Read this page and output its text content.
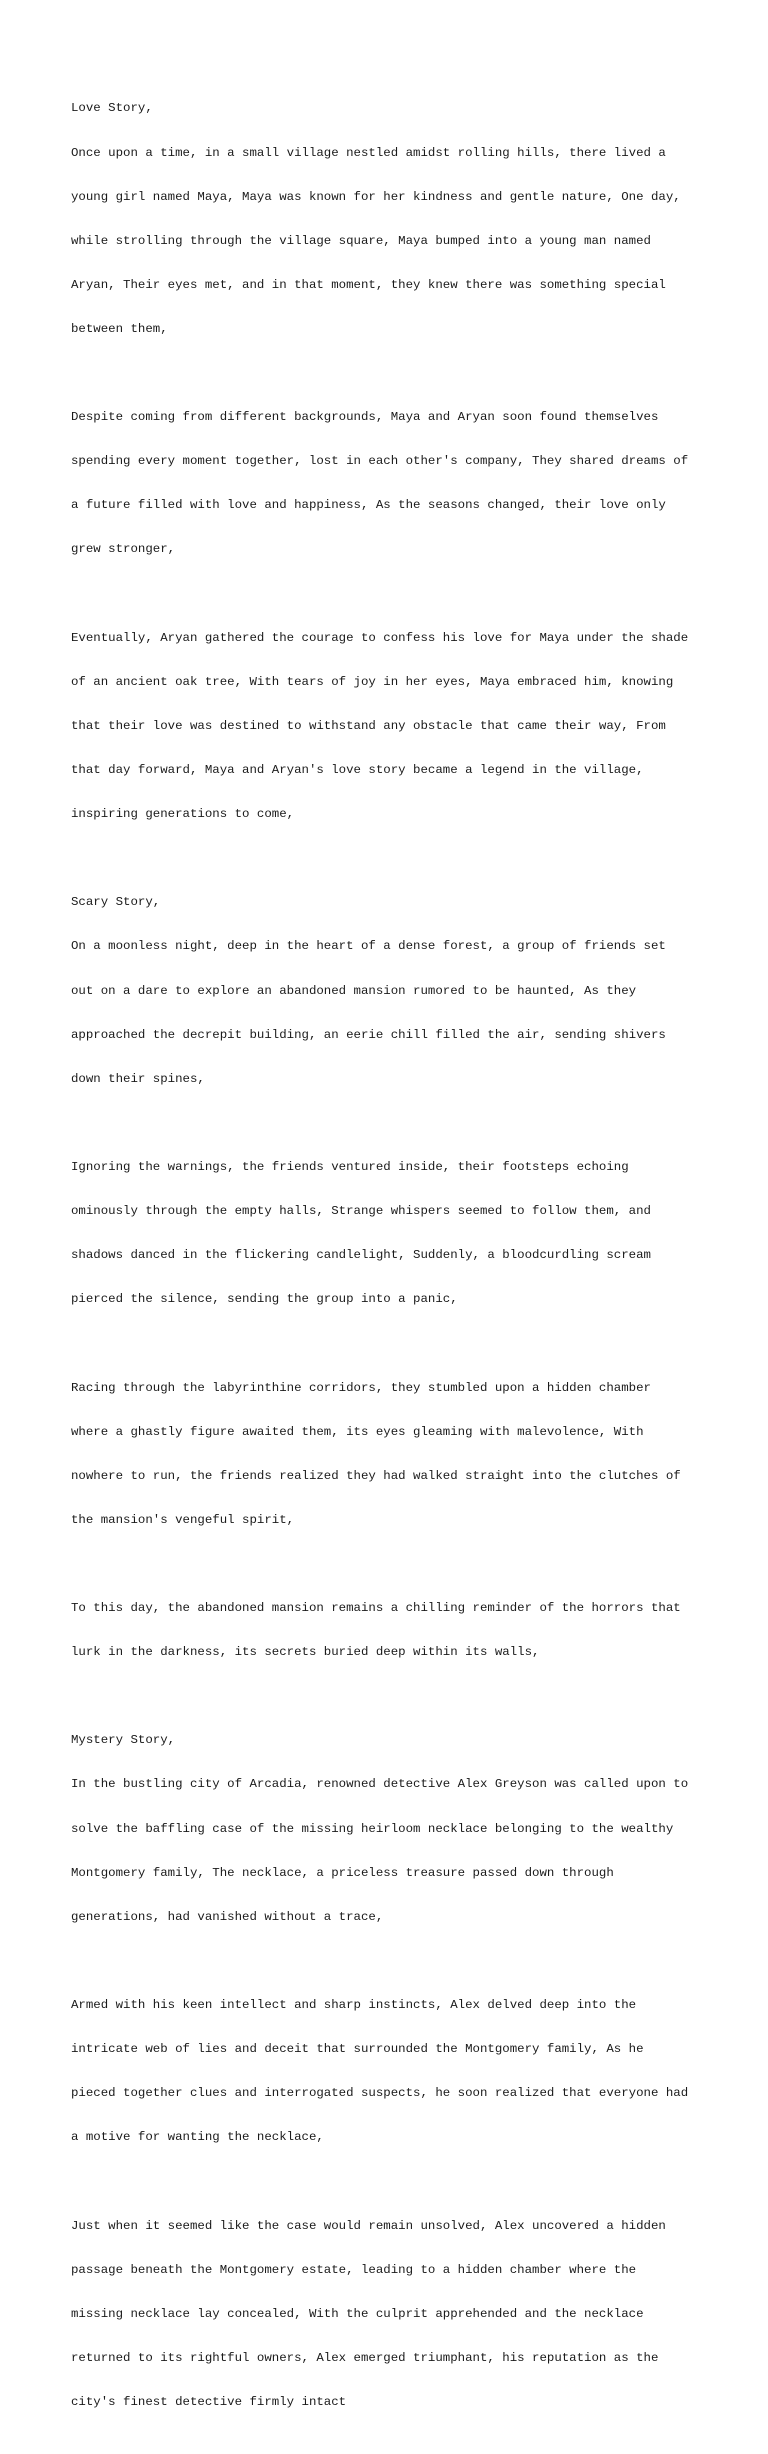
Love Story,

Once upon a time, in a small village nestled amidst rolling hills, there lived a

young girl named Maya, Maya was known for her kindness and gentle nature, One day,

while strolling through the village square, Maya bumped into a young man named

Aryan, Their eyes met, and in that moment, they knew there was something special

between them,

Despite coming from different backgrounds, Maya and Aryan soon found themselves

spending every moment together, lost in each other's company, They shared dreams of

a future filled with love and happiness, As the seasons changed, their love only

grew stronger,

Eventually, Aryan gathered the courage to confess his love for Maya under the shade

of an ancient oak tree, With tears of joy in her eyes, Maya embraced him, knowing

that their love was destined to withstand any obstacle that came their way, From

that day forward, Maya and Aryan's love story became a legend in the village,

inspiring generations to come,

Scary Story,

On a moonless night, deep in the heart of a dense forest, a group of friends set

out on a dare to explore an abandoned mansion rumored to be haunted, As they

approached the decrepit building, an eerie chill filled the air, sending shivers

down their spines,

Ignoring the warnings, the friends ventured inside, their footsteps echoing

ominously through the empty halls, Strange whispers seemed to follow them, and

shadows danced in the flickering candlelight, Suddenly, a bloodcurdling scream

pierced the silence, sending the group into a panic,

Racing through the labyrinthine corridors, they stumbled upon a hidden chamber

where a ghastly figure awaited them, its eyes gleaming with malevolence, With

nowhere to run, the friends realized they had walked straight into the clutches of

the mansion's vengeful spirit,

To this day, the abandoned mansion remains a chilling reminder of the horrors that

lurk in the darkness, its secrets buried deep within its walls,

Mystery Story,

In the bustling city of Arcadia, renowned detective Alex Greyson was called upon to

solve the baffling case of the missing heirloom necklace belonging to the wealthy

Montgomery family, The necklace, a priceless treasure passed down through

generations, had vanished without a trace,

Armed with his keen intellect and sharp instincts, Alex delved deep into the

intricate web of lies and deceit that surrounded the Montgomery family, As he

pieced together clues and interrogated suspects, he soon realized that everyone had

a motive for wanting the necklace,

Just when it seemed like the case would remain unsolved, Alex uncovered a hidden

passage beneath the Montgomery estate, leading to a hidden chamber where the

missing necklace lay concealed, With the culprit apprehended and the necklace

returned to its rightful owners, Alex emerged triumphant, his reputation as the

city's finest detective firmly intact
